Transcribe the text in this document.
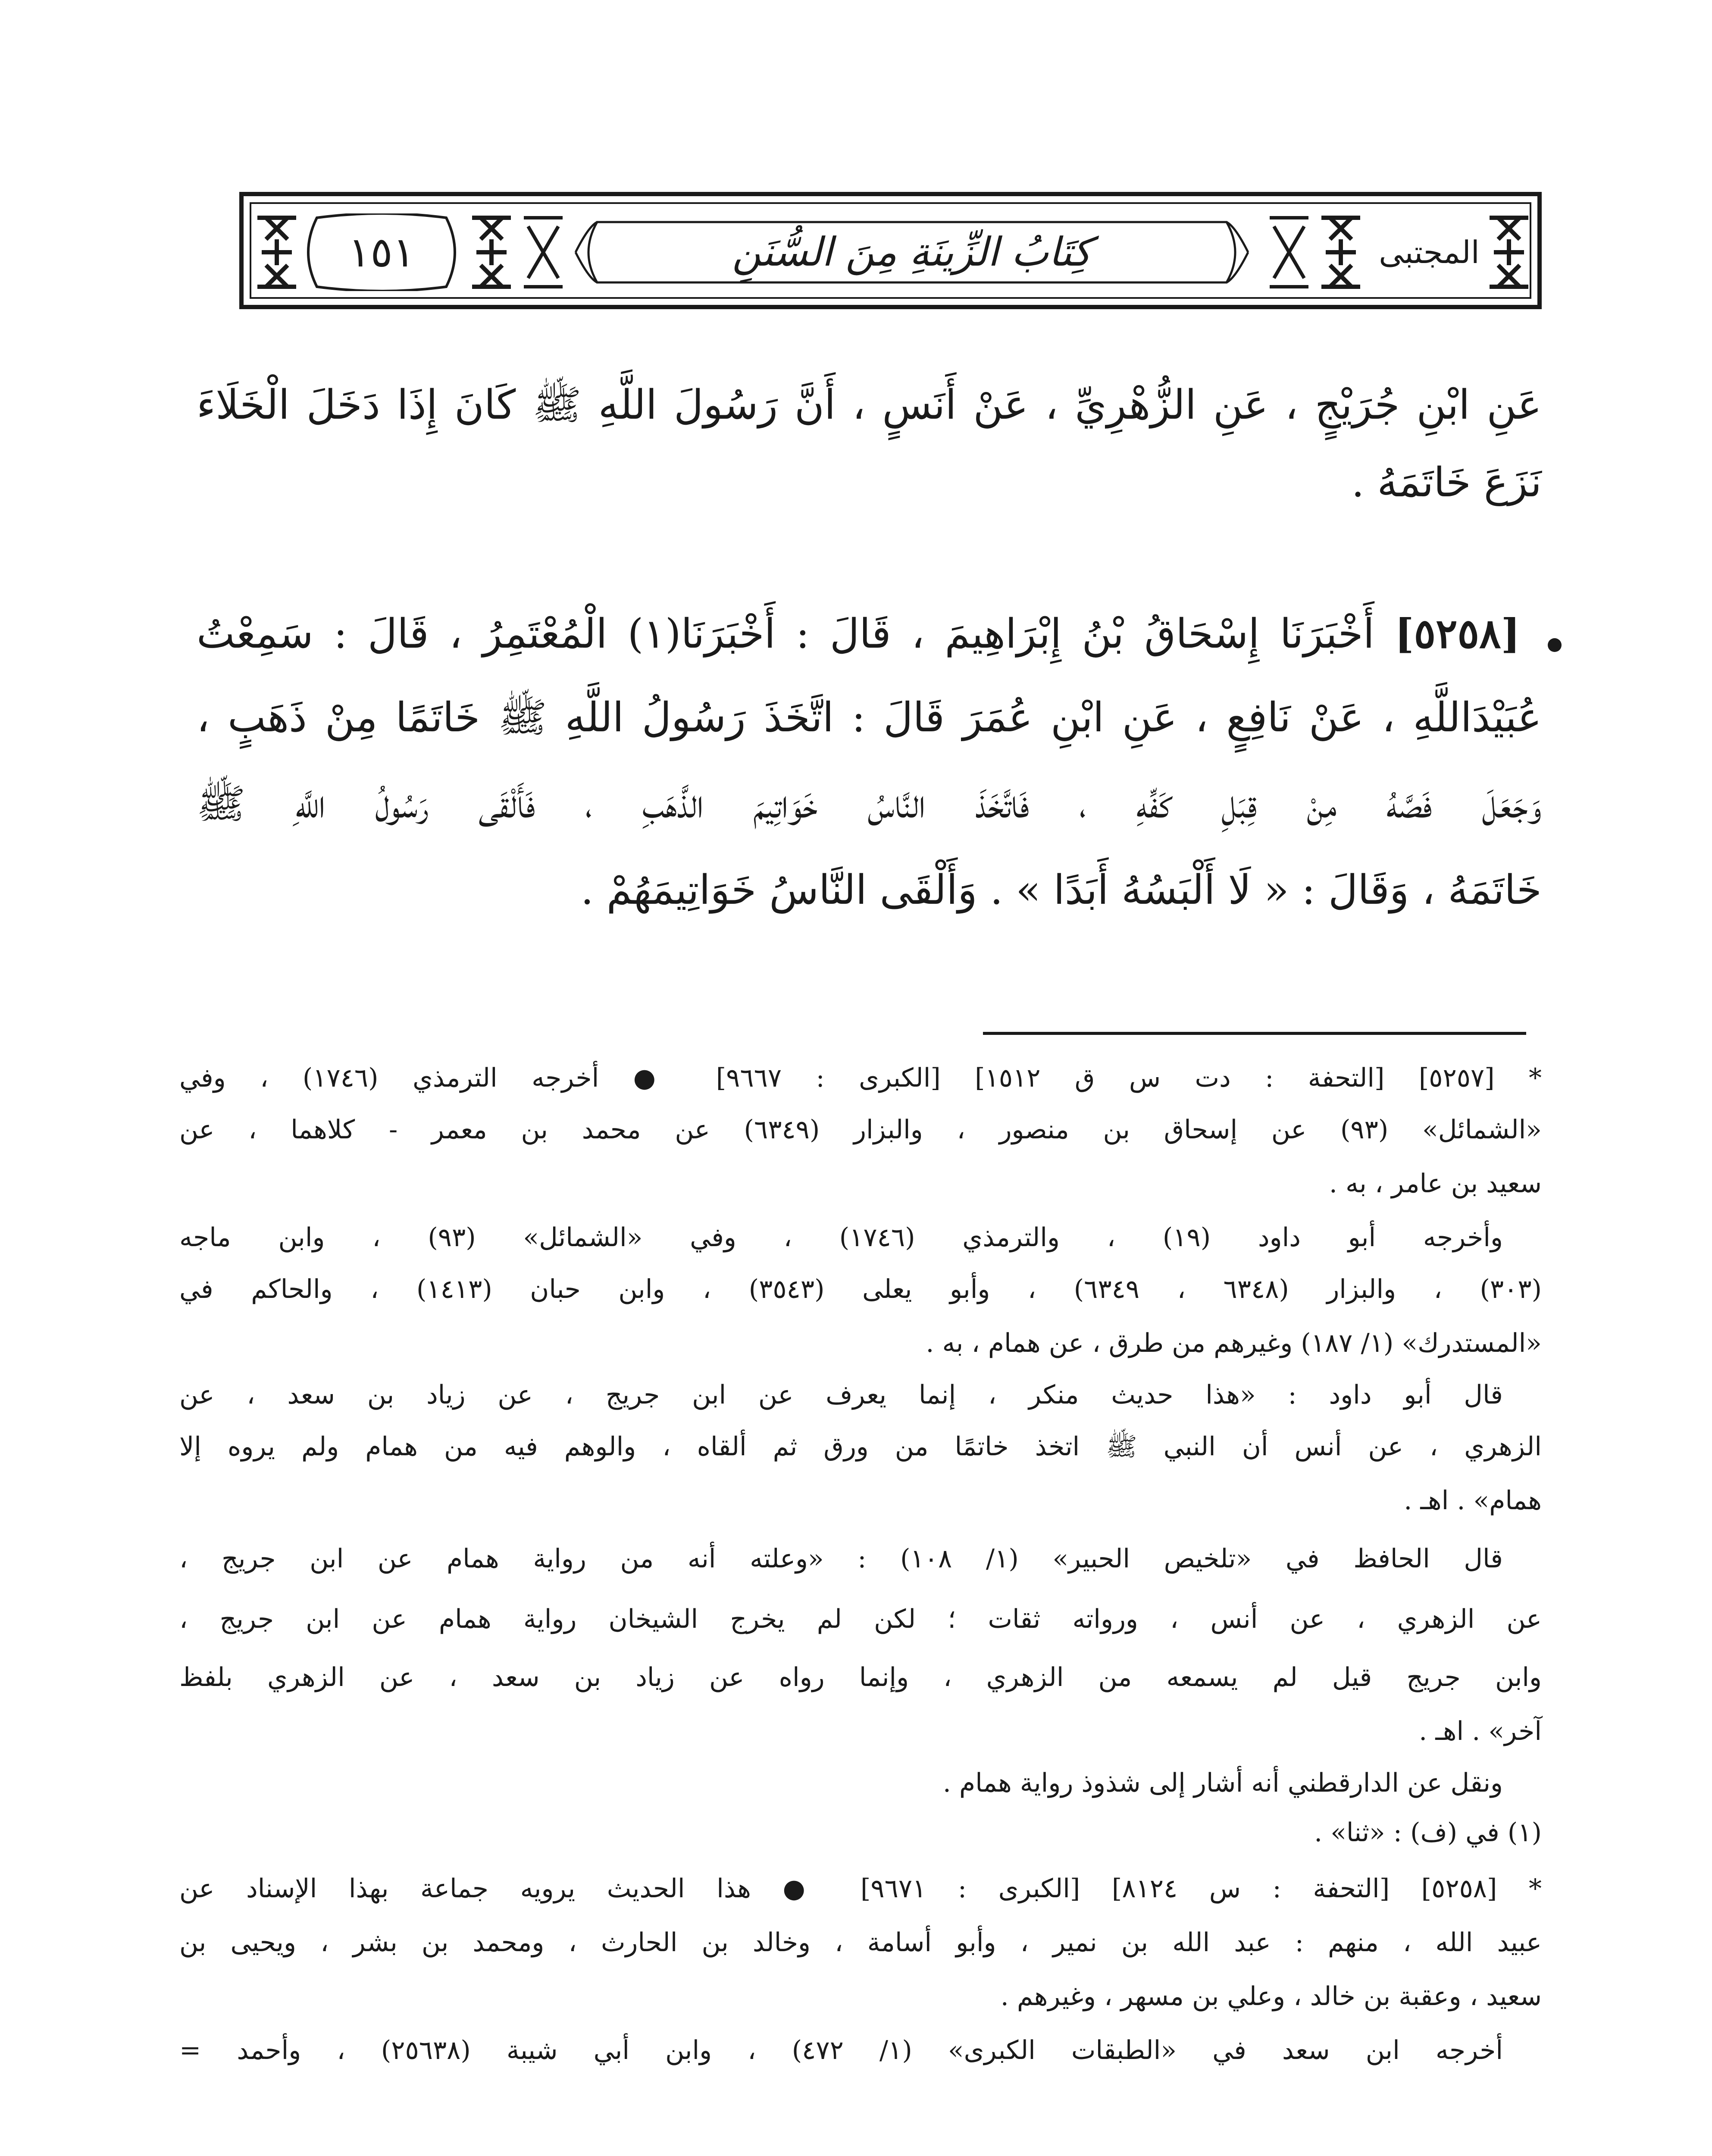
١٥١	كِتَابُ الزِّينَةِ مِنَ السُّنَنِ	المجتبى
عَنِ ابْنِ جُرَيْجٍ ، عَنِ الزُّهْرِيِّ ، عَنْ أَنَسٍ ، أَنَّ رَسُولَ اللَّهِ ﷺ كَانَ إِذَا دَخَلَ الْخَلَاءَ
نَزَعَ خَاتَمَهُ .
[٥٢٥٨] أَخْبَرَنَا إِسْحَاقُ بْنُ إِبْرَاهِيمَ ، قَالَ : أَخْبَرَنَا(١) الْمُعْتَمِرُ ، قَالَ : سَمِعْتُ
عُبَيْدَاللَّهِ ، عَنْ نَافِعٍ ، عَنِ ابْنِ عُمَرَ قَالَ : اتَّخَذَ رَسُولُ اللَّهِ ﷺ خَاتَمًا مِنْ ذَهَبٍ ،
وَجَعَلَ فَصَّهُ مِنْ قِبَلِ كَفِّهِ ، فَاتَّخَذَ النَّاسُ خَوَاتِيمَ الذَّهَبِ ، فَأَلْقَى رَسُولُ اللَّهِ ﷺ
خَاتَمَهُ ، وَقَالَ : « لَا أَلْبَسُهُ أَبَدًا » . وَأَلْقَى النَّاسُ خَوَاتِيمَهُمْ .
* [٥٢٥٧] [التحفة : دت س ق ١٥١٢] [الكبرى : ٩٦٦٧] ● أخرجه الترمذي (١٧٤٦) ، وفي
«الشمائل» (٩٣) عن إسحاق بن منصور ، والبزار (٦٣٤٩) عن محمد بن معمر - كلاهما ، عن
سعيد بن عامر ، به .
وأخرجه أبو داود (١٩) ، والترمذي (١٧٤٦) ، وفي «الشمائل» (٩٣) ، وابن ماجه
(٣٠٣) ، والبزار (٦٣٤٨ ، ٦٣٤٩) ، وأبو يعلى (٣٥٤٣) ، وابن حبان (١٤١٣) ، والحاكم في
«المستدرك» (١/ ١٨٧) وغيرهم من طرق ، عن همام ، به .
قال أبو داود : «هذا حديث منكر ، إنما يعرف عن ابن جريج ، عن زياد بن سعد ، عن
الزهري ، عن أنس أن النبي ﷺ اتخذ خاتمًا من ورق ثم ألقاه ، والوهم فيه من همام ولم يروه إلا
همام» . اهـ .
قال الحافظ في «تلخيص الحبير» (١/ ١٠٨) : «وعلته أنه من رواية همام عن ابن جريج ،
عن الزهري ، عن أنس ، ورواته ثقات ؛ لكن لم يخرج الشيخان رواية همام عن ابن جريج ،
وابن جريج قيل لم يسمعه من الزهري ، وإنما رواه عن زياد بن سعد ، عن الزهري بلفظ
آخر» . اهـ .
ونقل عن الدارقطني أنه أشار إلى شذوذ رواية همام .
(١) في (ف) : «ثنا» .
* [٥٢٥٨] [التحفة : س ٨١٢٤] [الكبرى : ٩٦٧١] ● هذا الحديث يرويه جماعة بهذا الإسناد عن
عبيد الله ، منهم : عبد الله بن نمير ، وأبو أسامة ، وخالد بن الحارث ، ومحمد بن بشر ، ويحيى بن
سعيد ، وعقبة بن خالد ، وعلي بن مسهر ، وغيرهم .
أخرجه ابن سعد في «الطبقات الكبرى» (١/ ٤٧٢) ، وابن أبي شيبة (٢٥٦٣٨) ، وأحمد =
